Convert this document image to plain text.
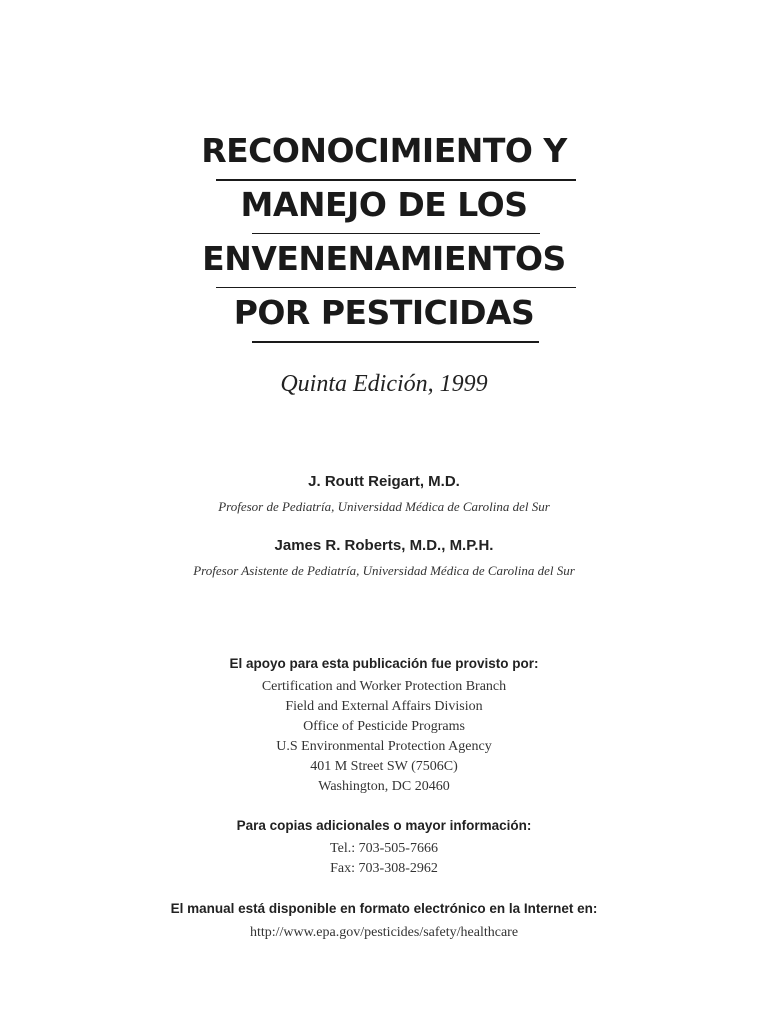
RECONOCIMIENTO Y
MANEJO DE LOS
ENVENENAMIENTOS
POR PESTICIDAS
Quinta Edición, 1999
J. Routt Reigart, M.D.
Profesor de Pediatría, Universidad Médica de Carolina del Sur
James R. Roberts, M.D., M.P.H.
Profesor Asistente de Pediatría, Universidad Médica de Carolina del Sur
El apoyo para esta publicación fue provisto por:
Certification and Worker Protection Branch
Field and External Affairs Division
Office of Pesticide Programs
U.S Environmental Protection Agency
401 M Street SW (7506C)
Washington, DC 20460
Para copias adicionales o mayor información:
Tel.: 703-505-7666
Fax: 703-308-2962
El manual está disponible en formato electrónico en la Internet en:
http://www.epa.gov/pesticides/safety/healthcare
